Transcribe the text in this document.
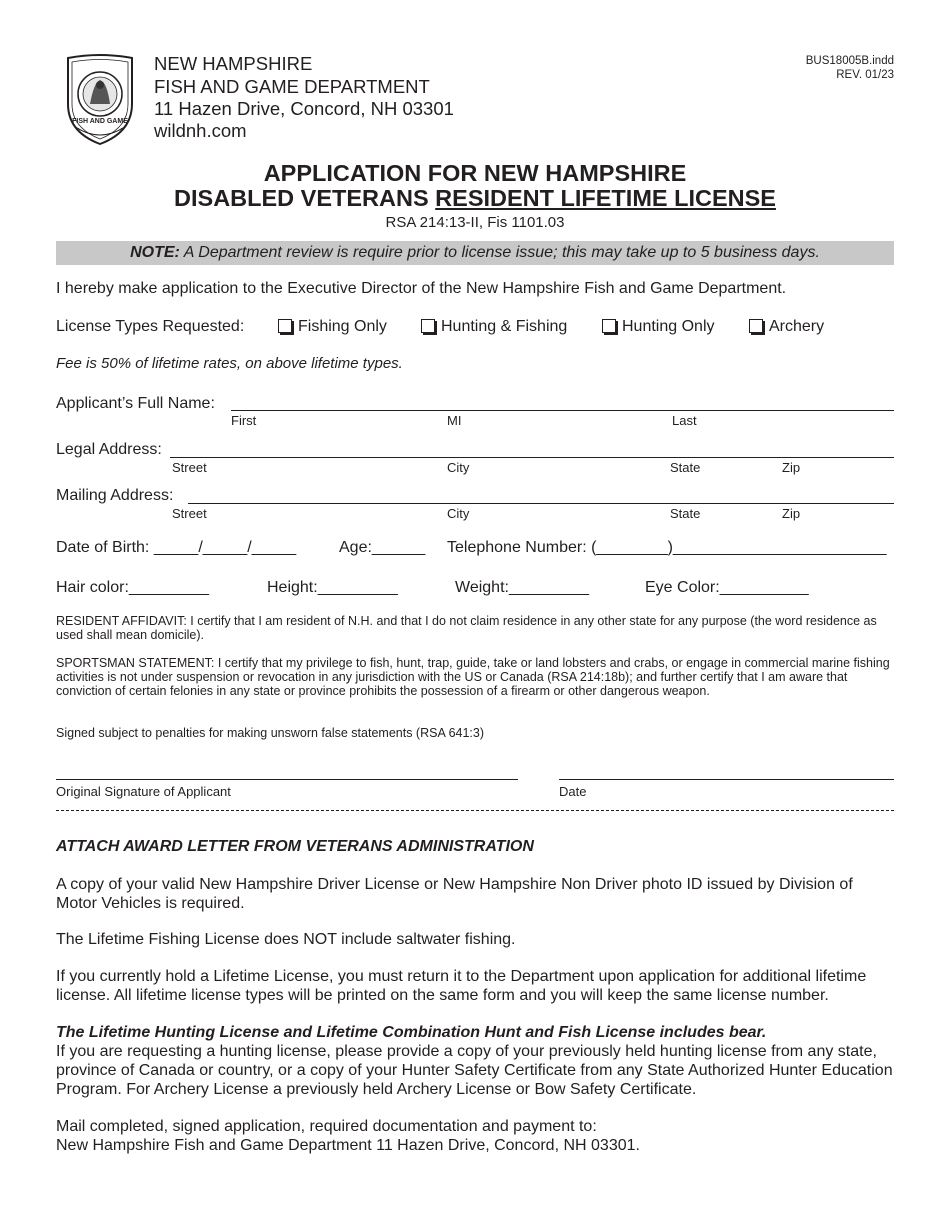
FISH AND GAME
NEW HAMPSHIRE
FISH AND GAME DEPARTMENT
11 Hazen Drive, Concord, NH 03301
wildnh.com
BUS18005B.indd
REV. 01/23
APPLICATION FOR NEW HAMPSHIRE
DISABLED VETERANS RESIDENT LIFETIME LICENSE
RSA 214:13-II, Fis 1101.03
NOTE: A Department review is require prior to license issue; this may take up to 5 business days.
I hereby make application to the Executive Director of the New Hampshire Fish and Game Department.
License Types Requested:	Fishing Only	Hunting & Fishing	Hunting Only	Archery
Fee is 50% of lifetime rates, on above lifetime types.
Applicant’s Full Name:
First	MI	Last
Legal Address:
Street	City	State	Zip
Mailing Address:
Street	City	State	Zip
Date of Birth: _____/_____/_____	Age:______ Telephone Number: (________)________________________
Hair color:_________	Height:_________	Weight:_________	Eye Color:__________
RESIDENT AFFIDAVIT: I certify that I am resident of N.H. and that I do not claim residence in any other state for any purpose (the word residence as used shall mean domicile).
SPORTSMAN STATEMENT: I certify that my privilege to fish, hunt, trap, guide, take or land lobsters and crabs, or engage in commercial marine fishing activities is not under suspension or revocation in any jurisdiction with the US or Canada (RSA 214:18b); and further certify that I am aware that conviction of certain felonies in any state or province prohibits the possession of a firearm or other dangerous weapon.
Signed subject to penalties for making unsworn false statements (RSA 641:3)
Original Signature of Applicant	Date
ATTACH AWARD LETTER FROM VETERANS ADMINISTRATION
A copy of your valid New Hampshire Driver License or New Hampshire Non Driver photo ID issued by Division of Motor Vehicles is required.
The Lifetime Fishing License does NOT include saltwater fishing.
If you currently hold a Lifetime License, you must return it to the Department upon application for additional lifetime license. All lifetime license types will be printed on the same form and you will keep the same license number.
The Lifetime Hunting License and Lifetime Combination Hunt and Fish License includes bear.
If you are requesting a hunting license, please provide a copy of your previously held hunting license from any state, province of Canada or country, or a copy of your Hunter Safety Certificate from any State Authorized Hunter Education Program. For Archery License a previously held Archery License or Bow Safety Certificate.
Mail completed, signed application, required documentation and payment to:
New Hampshire Fish and Game Department 11 Hazen Drive, Concord, NH 03301.
